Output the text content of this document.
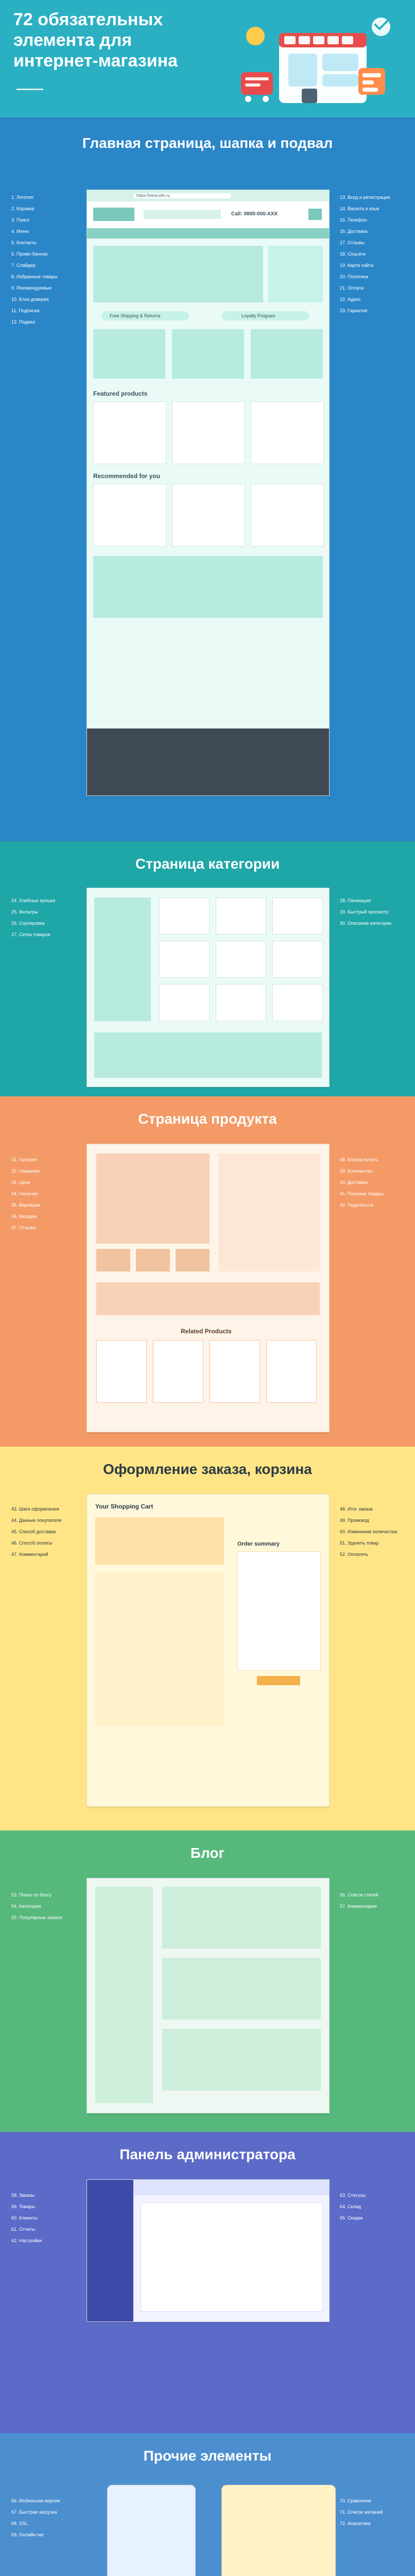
72 обязательных элемента для интернет-магазина
Главная страница, шапка и подвал
https://www.site.ru
Call: 0800-000-XXX
Free Shipping & Returns	Loyalty Program
Featured products
Recommended for you
1. Логотип

2. Корзина

3. Поиск

4. Меню

5. Контакты

6. Промо-баннер

7. Слайдер

8. Избранные товары

9. Рекомендуемые

10. Блок доверия

11. Подписка

12. Подвал
13. Вход и регистрация

14. Валюта и язык

15. Телефон

16. Доставка

17. Отзывы

18. Соцсети

19. Карта сайта

20. Политика

21. Оплата

22. Адрес

23. Гарантия
Страница категории
24. Хлебные крошки

25. Фильтры

26. Сортировка

27. Сетка товаров
28. Пагинация

29. Быстрый просмотр

30. Описание категории
Страница продукта
Related Products
31. Галерея

32. Название

33. Цена

34. Наличие

35. Вариации

36. Вкладки

37. Отзывы
38. Кнопка купить

39. Количество

40. Доставка

41. Похожие товары

42. Поделиться
Оформление заказа, корзина
Your Shopping Cart
Order summary
43. Шаги оформления

44. Данные покупателя

45. Способ доставки

46. Способ оплаты

47. Комментарий
48. Итог заказа

49. Промокод

50. Изменение количества

51. Удалить товар

52. Оплатить
Блог
53. Поиск по блогу

54. Категории

55. Популярные записи
56. Список статей

57. Комментарии
Панель администратора
58. Заказы

59. Товары

60. Клиенты

61. Отчеты

62. Настройки
63. Статусы

64. Склад

65. Скидки
Прочие элементы
66. Мобильная версия

67. Быстрая загрузка

68. SSL

69. Онлайн-чат
70. Сравнение

71. Список желаний

72. Аналитика
